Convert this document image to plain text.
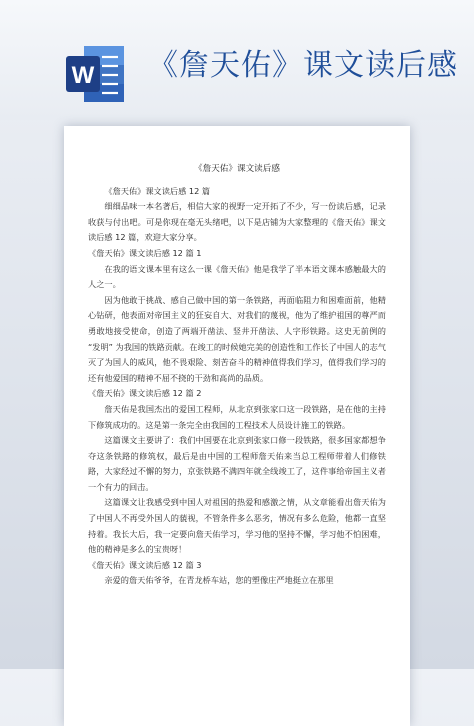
W 《詹天佑》课文读后感
《詹天佑》课文读后感

《詹天佑》课文读后感 12 篇

细细品味一本名著后，相信大家的视野一定开拓了不少，写一份读后感，记录收获与付出吧。可是你现在毫无头绪吧，以下是店铺为大家整理的《詹天佑》课文读后感 12 篇，欢迎大家分享。

《詹天佑》课文读后感 12 篇 1

在我的语文课本里有这么一课《詹天佑》他是我学了半本语文课本感触最大的人之一。

因为他敢于挑战、感自己做中国的第一条铁路，再面临阻力和困难面前，他精心钻研，他表面对帝国主义的狂妄自大、对我们的蔑视，他为了维护祖国的尊严而勇敢地接受使命，创造了两端开凿法、竖井开凿法、人字形铁路。这史无前例的 “发明” 为我国的铁路贡献。在竣工的时候她完美的创造性和工作长了中国人的志气灭了为国人的威风，他不畏艰险、刻苦奋斗的精神值得我们学习，值得我们学习的还有他爱国的精神不屈不挠的干劲和高尚的品质。

《詹天佑》课文读后感 12 篇 2

詹天佑是我国杰出的爱国工程师，从北京到张家口这一段铁路，是在他的主持下修筑成功的。这是第一条完全由我国的工程技术人员设计施工的铁路。

这篇课文主要讲了：我们中国要在北京到张家口修一段铁路，很多国家都想争夺这条铁路的修筑权，最后是由中国的工程师詹天佑来当总工程师带着人们修铁路，大家经过不懈的努力，京张铁路不满四年就全线竣工了，这件事给帝国主义者一个有力的回击。

这篇课文让我感受到中国人对祖国的热爱和感激之情，从文章能看出詹天佑为了中国人不再受外国人的藐视，不管条件多么恶劣，情况有多么危险，他都一直坚持着。我长大后，我一定要向詹天佑学习，学习他的坚持不懈，学习他不怕困难，他的精神是多么的宝贵呀！

《詹天佑》课文读后感 12 篇 3

亲爱的詹天佑爷爷，在青龙桥车站，您的塑像庄严地挺立在那里
